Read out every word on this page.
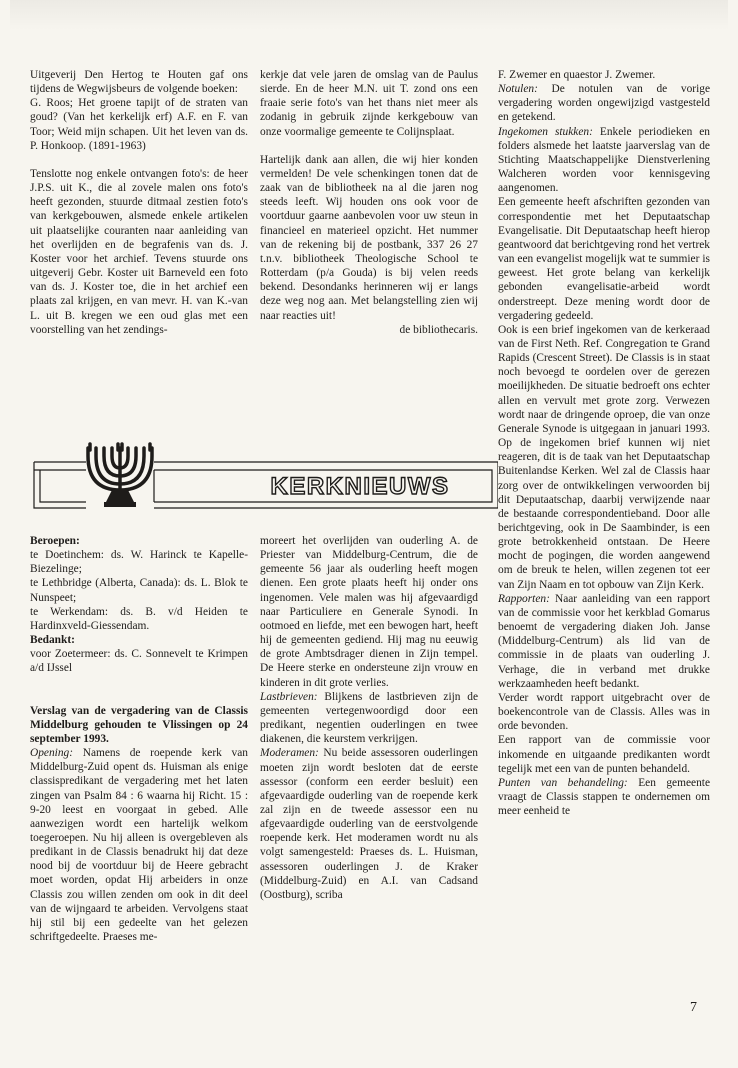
Uitgeverij Den Hertog te Houten gaf ons tijdens de Wegwijsbeurs de volgende boeken:

G. Roos; Het groene tapijt of de straten van goud? (Van het kerkelijk erf) A.F. en F. van Toor; Weid mijn schapen. Uit het leven van ds. P. Honkoop. (1891-1963)

Tenslotte nog enkele ontvangen foto's: de heer J.P.S. uit K., die al zovele malen ons foto's heeft gezonden, stuurde ditmaal zestien foto's van kerkgebouwen, alsmede enkele artikelen uit plaatselijke couranten naar aanleiding van het overlijden en de begrafenis van ds. J. Koster voor het archief. Tevens stuurde ons uitgeverij Gebr. Koster uit Barneveld een foto van ds. J. Koster toe, die in het archief een plaats zal krijgen, en van mevr. H. van K.-van L. uit B. kregen we een oud glas met een voorstelling van het zendings-

kerkje dat vele jaren de omslag van de Paulus sierde. En de heer M.N. uit T. zond ons een fraaie serie foto's van het thans niet meer als zodanig in gebruik zijnde kerkgebouw van onze voormalige gemeente te Colijnsplaat.

Hartelijk dank aan allen, die wij hier konden vermelden! De vele schenkingen tonen dat de zaak van de bibliotheek na al die jaren nog steeds leeft. Wij houden ons ook voor de voortduur gaarne aanbevolen voor uw steun in financieel en materieel opzicht. Het nummer van de rekening bij de postbank, 337 26 27 t.n.v. bibliotheek Theologische School te Rotterdam (p/a Gouda) is bij velen reeds bekend. Desondanks herinneren wij er langs deze weg nog aan. Met belangstelling zien wij naar reacties uit!

de bibliothecaris.

F. Zwemer en quaestor J. Zwemer.

Notulen: De notulen van de vorige vergadering worden ongewijzigd vastgesteld en getekend.

Ingekomen stukken: Enkele periodieken en folders alsmede het laatste jaarverslag van de Stichting Maatschappelijke Dienstverlening Walcheren worden voor kennisgeving aangenomen.

Een gemeente heeft afschriften gezonden van correspondentie met het Deputaatschap Evangelisatie. Dit Deputaatschap heeft hierop geantwoord dat berichtgeving rond het vertrek van een evangelist mogelijk wat te summier is geweest. Het grote belang van kerkelijk gebonden evangelisatie-arbeid wordt onderstreept. Deze mening wordt door de vergadering gedeeld.

Ook is een brief ingekomen van de kerkeraad van de First Neth. Ref. Congregation te Grand Rapids (Crescent Street). De Classis is in staat noch bevoegd te oordelen over de gerezen moeilijkheden. De situatie bedroeft ons echter allen en vervult met grote zorg. Verwezen wordt naar de dringende oproep, die van onze Generale Synode is uitgegaan in januari 1993. Op de ingekomen brief kunnen wij niet reageren, dit is de taak van het Deputaatschap Buitenlandse Kerken. Wel zal de Classis haar zorg over de ontwikkelingen verwoorden bij dit Deputaatschap, daarbij verwijzende naar de bestaande correspondentieband. Door alle berichtgeving, ook in De Saambinder, is een grote betrokkenheid ontstaan. De Heere mocht de pogingen, die worden aangewend om de breuk te helen, willen zegenen tot eer van Zijn Naam en tot opbouw van Zijn Kerk.

Rapporten: Naar aanleiding van een rapport van de commissie voor het kerkblad Gomarus benoemt de vergadering diaken Joh. Janse (Middelburg-Centrum) als lid van de commissie in de plaats van ouderling J. Verhage, die in verband met drukke werkzaamheden heeft bedankt.

Verder wordt rapport uitgebracht over de boekencontrole van de Classis. Alles was in orde bevonden.

Een rapport van de commissie voor inkomende en uitgaande predikanten wordt tegelijk met een van de punten behandeld.

Punten van behandeling: Een gemeente vraagt de Classis stappen te ondernemen om meer eenheid te

KERKNIEUWS

Beroepen:

te Doetinchem: ds. W. Harinck te Kapelle-Biezelinge;

te Lethbridge (Alberta, Canada): ds. L. Blok te Nunspeet;

te Werkendam: ds. B. v/d Heiden te Hardinxveld-Giessendam.

Bedankt:

voor Zoetermeer: ds. C. Sonnevelt te Krimpen a/d IJssel

Verslag van de vergadering van de Classis Middelburg gehouden te Vlissingen op 24 september 1993.

Opening: Namens de roepende kerk van Middelburg-Zuid opent ds. Huisman als enige classispredikant de vergadering met het laten zingen van Psalm 84 : 6 waarna hij Richt. 15 : 9-20 leest en voorgaat in gebed. Alle aanwezigen wordt een hartelijk welkom toegeroepen. Nu hij alleen is overgebleven als predikant in de Classis benadrukt hij dat deze nood bij de voortduur bij de Heere gebracht moet worden, opdat Hij arbeiders in onze Classis zou willen zenden om ook in dit deel van de wijngaard te arbeiden. Vervolgens staat hij stil bij een gedeelte van het gelezen schriftgedeelte. Praeses me-

moreert het overlijden van ouderling A. de Priester van Middelburg-Centrum, die de gemeente 56 jaar als ouderling heeft mogen dienen. Een grote plaats heeft hij onder ons ingenomen. Vele malen was hij afgevaardigd naar Particuliere en Generale Synodi. In ootmoed en liefde, met een bewogen hart, heeft hij de gemeenten gediend. Hij mag nu eeuwig de grote Ambtsdrager dienen in Zijn tempel. De Heere sterke en ondersteune zijn vrouw en kinderen in dit grote verlies.

Lastbrieven: Blijkens de lastbrieven zijn de gemeenten vertegenwoordigd door een predikant, negentien ouderlingen en twee diakenen, die keurstem verkrijgen.

Moderamen: Nu beide assessoren ouderlingen moeten zijn wordt besloten dat de eerste assessor (conform een eerder besluit) een afgevaardigde ouderling van de roepende kerk zal zijn en de tweede assessor een nu afgevaardigde ouderling van de eerstvolgende roepende kerk. Het moderamen wordt nu als volgt samengesteld: Praeses ds. L. Huisman, assessoren ouderlingen J. de Kraker (Middelburg-Zuid) en A.I. van Cadsand (Oostburg), scriba

7
